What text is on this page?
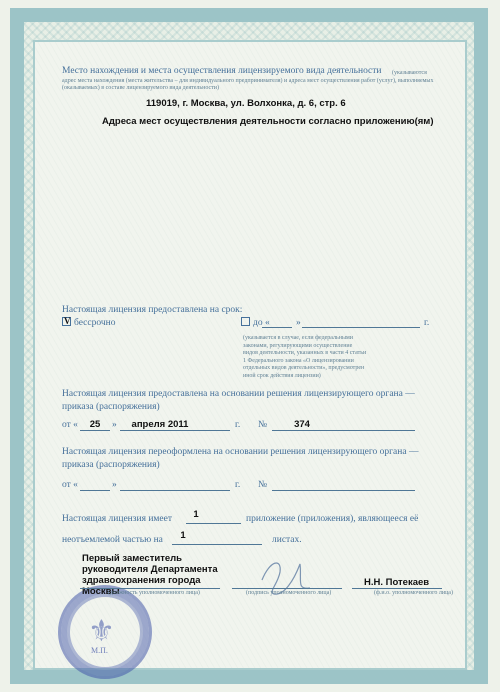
Место нахождения и места осуществления лицензируемого вида деятельности	(указываются адрес места нахождения (места жительства – для индивидуального предпринимателя) и адреса мест осуществления работ (услуг), выполняемых (оказываемых) в составе лицензируемого вида деятельности)
119019, г. Москва, ул. Волхонка, д. 6, стр. 6
Адреса мест осуществления деятельности согласно приложению(ям)
Настоящая лицензия предоставлена на срок:
V бессрочно	до «	»	г.
(указывается в случае, если федеральными законами, регулирующими осуществление видов деятельности, указанных в части 4 статьи 1 Федерального закона «О лицензировании отдельных видов деятельности», предусмотрен иной срок действия лицензии)
Настоящая лицензия предоставлена на основании решения лицензирующего органа — приказа (распоряжения)
от «	25	»	апреля 2011	г. №	374
Настоящая лицензия переоформлена на основании решения лицензирующего органа — приказа (распоряжения)
от «	»	г. №
Настоящая лицензия имеет	1	приложение (приложения), являющееся её
неотъемлемой частью на	1	листах.
⚜
М.П.
Первый заместитель руководителя Департамента здравоохранения города Москвы
(должность уполномоченного лица)	(подпись уполномоченного лица)
Н.Н. Потекаев
(ф.и.о. уполномоченного лица)
